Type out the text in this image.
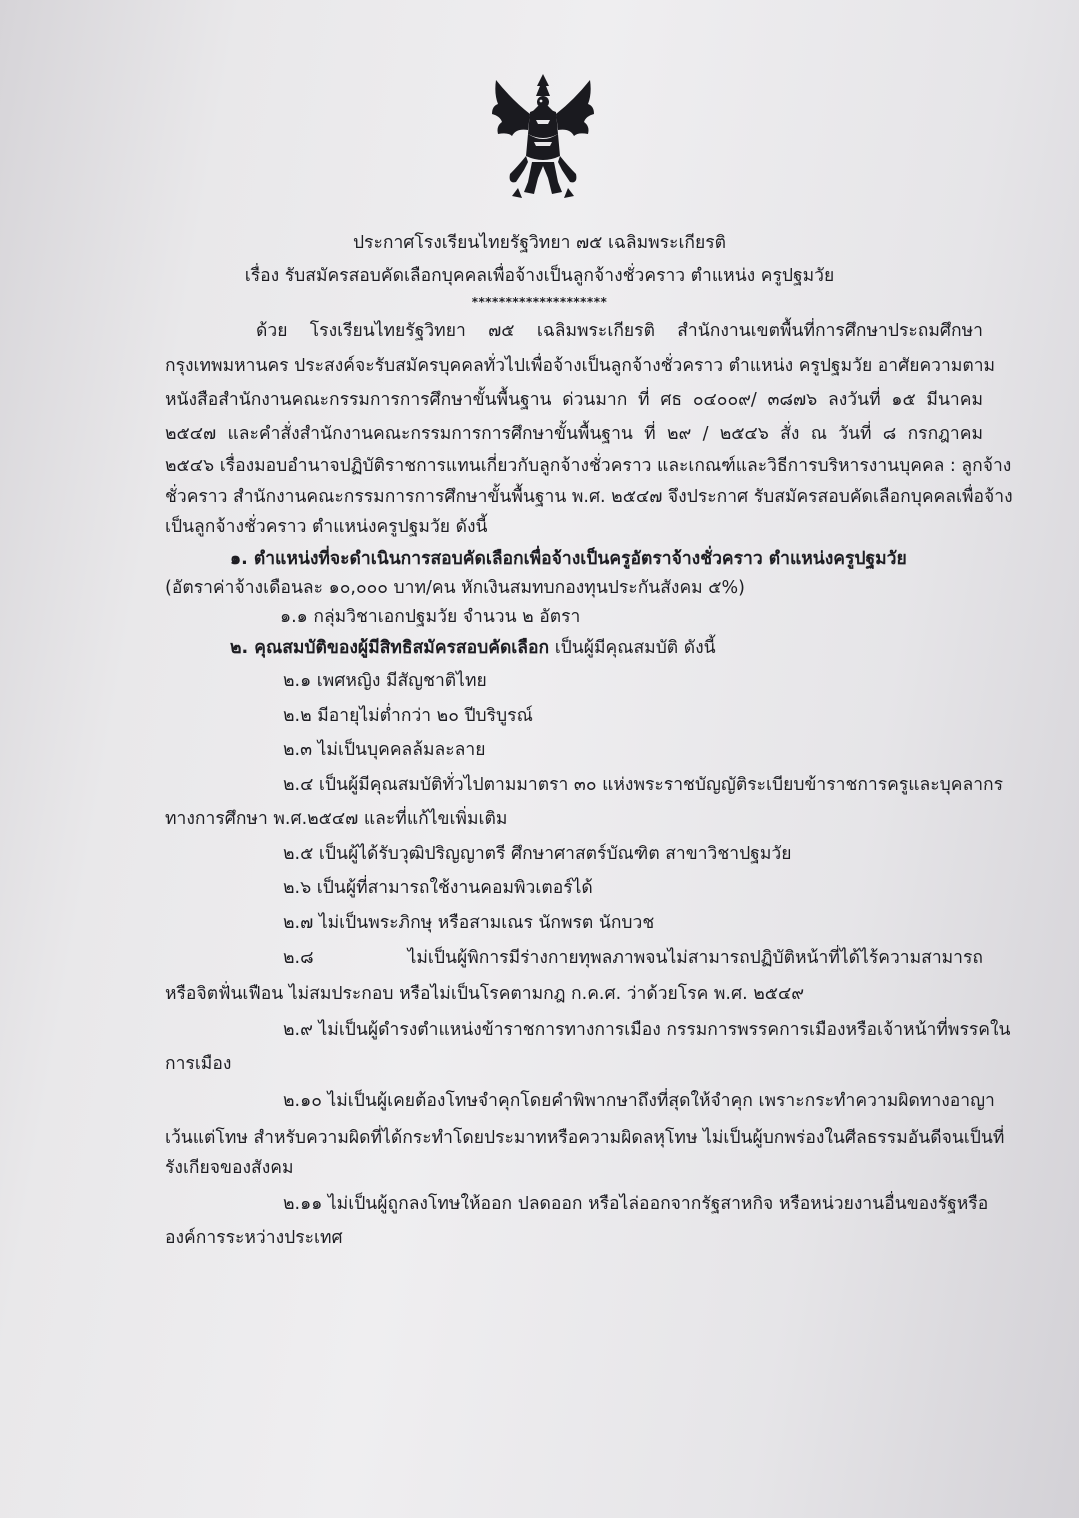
ประกาศโรงเรียนไทยรัฐวิทยา ๗๕ เฉลิมพระเกียรติ
เรื่อง รับสมัครสอบคัดเลือกบุคคลเพื่อจ้างเป็นลูกจ้างชั่วคราว ตำแหน่ง ครูปฐมวัย
********************
ด้วย โรงเรียนไทยรัฐวิทยา ๗๕ เฉลิมพระเกียรติ สำนักงานเขตพื้นที่การศึกษาประถมศึกษา
กรุงเทพมหานคร ประสงค์จะรับสมัครบุคคลทั่วไปเพื่อจ้างเป็นลูกจ้างชั่วคราว ตำแหน่ง ครูปฐมวัย อาศัยความตาม
หนังสือสำนักงานคณะกรรมการการศึกษาขั้นพื้นฐาน ด่วนมาก ที่ ศธ ๐๔๐๐๙/ ๓๘๗๖ ลงวันที่ ๑๕ มีนาคม
๒๕๔๗ และคำสั่งสำนักงานคณะกรรมการการศึกษาขั้นพื้นฐาน ที่ ๒๙ / ๒๕๔๖ สั่ง ณ วันที่ ๘ กรกฎาคม
๒๕๔๖ เรื่องมอบอำนาจปฏิบัติราชการแทนเกี่ยวกับลูกจ้างชั่วคราว และเกณฑ์และวิธีการบริหารงานบุคคล : ลูกจ้าง
ชั่วคราว สำนักงานคณะกรรมการการศึกษาขั้นพื้นฐาน พ.ศ. ๒๕๔๗ จึงประกาศ รับสมัครสอบคัดเลือกบุคคลเพื่อจ้าง
เป็นลูกจ้างชั่วคราว ตำแหน่งครูปฐมวัย ดังนี้
๑. ตำแหน่งที่จะดำเนินการสอบคัดเลือกเพื่อจ้างเป็นครูอัตราจ้างชั่วคราว ตำแหน่งครูปฐมวัย
(อัตราค่าจ้างเดือนละ ๑๐,๐๐๐ บาท/คน หักเงินสมทบกองทุนประกันสังคม ๕%)
๑.๑ กลุ่มวิชาเอกปฐมวัย จำนวน ๒ อัตรา
๒. คุณสมบัติของผู้มีสิทธิสมัครสอบคัดเลือก เป็นผู้มีคุณสมบัติ ดังนี้
๒.๑ เพศหญิง มีสัญชาติไทย
๒.๒ มีอายุไม่ต่ำกว่า ๒๐ ปีบริบูรณ์
๒.๓ ไม่เป็นบุคคลล้มละลาย
๒.๔ เป็นผู้มีคุณสมบัติทั่วไปตามมาตรา ๓๐ แห่งพระราชบัญญัติระเบียบข้าราชการครูและบุคลากร
ทางการศึกษา พ.ศ.๒๕๔๗ และที่แก้ไขเพิ่มเติม
๒.๕ เป็นผู้ได้รับวุฒิปริญญาตรี ศึกษาศาสตร์บัณฑิต สาขาวิชาปฐมวัย
๒.๖ เป็นผู้ที่สามารถใช้งานคอมพิวเตอร์ได้
๒.๗ ไม่เป็นพระภิกษุ หรือสามเณร นักพรต นักบวช
๒.๘ ไม่เป็นผู้พิการมีร่างกายทุพลภาพจนไม่สามารถปฏิบัติหน้าที่ได้ไร้ความสามารถ
หรือจิตฟั่นเฟือน ไม่สมประกอบ หรือไม่เป็นโรคตามกฎ ก.ค.ศ. ว่าด้วยโรค พ.ศ. ๒๕๔๙
๒.๙ ไม่เป็นผู้ดำรงตำแหน่งข้าราชการทางการเมือง กรรมการพรรคการเมืองหรือเจ้าหน้าที่พรรคใน
การเมือง
๒.๑๐ ไม่เป็นผู้เคยต้องโทษจำคุกโดยคำพิพากษาถึงที่สุดให้จำคุก เพราะกระทำความผิดทางอาญา
เว้นแต่โทษ สำหรับความผิดที่ได้กระทำโดยประมาทหรือความผิดลหุโทษ ไม่เป็นผู้บกพร่องในศีลธรรมอันดีจนเป็นที่
รังเกียจของสังคม
๒.๑๑ ไม่เป็นผู้ถูกลงโทษให้ออก ปลดออก หรือไล่ออกจากรัฐสาหกิจ หรือหน่วยงานอื่นของรัฐหรือ
องค์การระหว่างประเทศ
